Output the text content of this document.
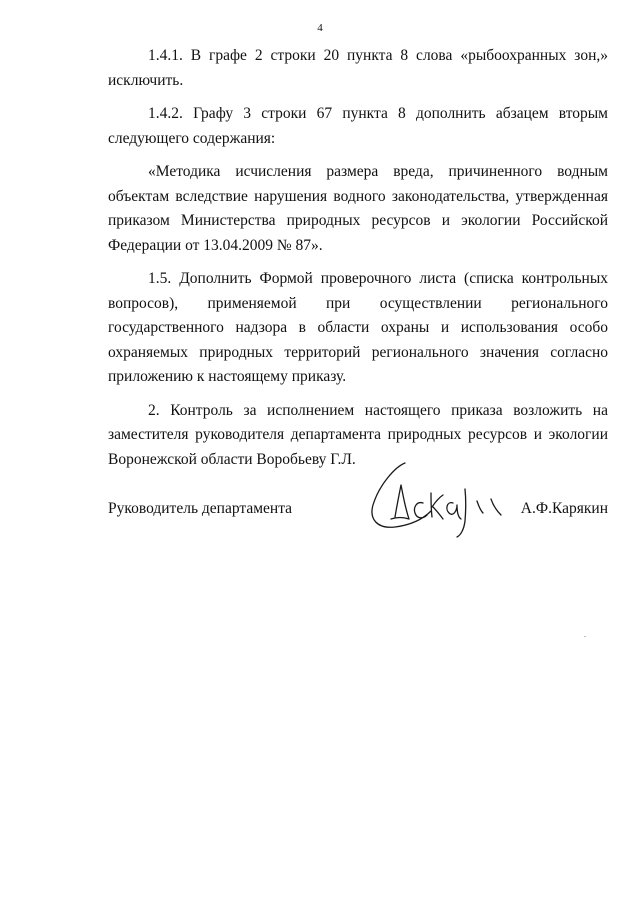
4

1.4.1. В графе 2 строки 20 пункта 8 слова «рыбоохранных зон,» исключить.

1.4.2. Графу 3 строки 67 пункта 8 дополнить абзацем вторым следующего содержания:

«Методика исчисления размера вреда, причиненного водным объектам вследствие нарушения водного законодательства, утвержденная приказом Министерства природных ресурсов и экологии Российской Федерации от 13.04.2009 № 87».

1.5. Дополнить Формой проверочного листа (списка контрольных вопросов), применяемой при осуществлении регионального государственного надзора в области охраны и использования особо охраняемых природных территорий регионального значения согласно приложению к настоящему приказу.

2. Контроль за исполнением настоящего приказа возложить на заместителя руководителя департамента природных ресурсов и экологии Воронежской области Воробьеву Г.Л.

Руководитель департамента	А.Ф.Карякин
